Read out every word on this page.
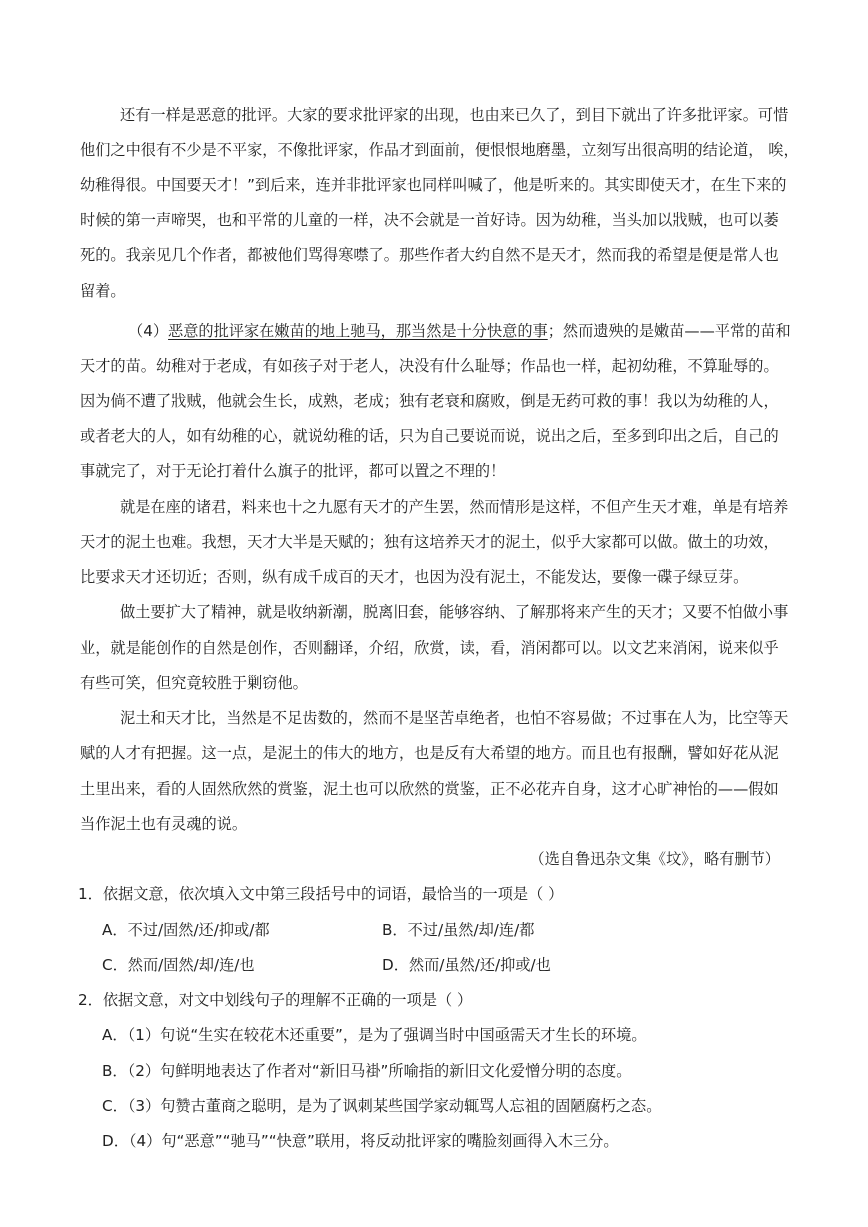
还有一样是恶意的批评。大家的要求批评家的出现，也由来已久了，到目下就出了许多批评家。可惜
他们之中很有不少是不平家，不像批评家，作品才到面前，便恨恨地磨墨，立刻写出很高明的结论道， 唉，
幼稚得很。中国要天才！”到后来，连并非批评家也同样叫喊了，他是听来的。其实即使天才，在生下来的
时候的第一声啼哭，也和平常的儿童的一样，决不会就是一首好诗。因为幼稚，当头加以戕贼，也可以萎
死的。我亲见几个作者，都被他们骂得寒噤了。那些作者大约自然不是天才，然而我的希望是便是常人也
留着。
（4）恶意的批评家在嫩苗的地上驰马，那当然是十分快意的事；然而遗殃的是嫩苗——平常的苗和
天才的苗。幼稚对于老成，有如孩子对于老人，决没有什么耻辱；作品也一样，起初幼稚，不算耻辱的。
因为倘不遭了戕贼，他就会生长，成熟，老成；独有老衰和腐败，倒是无药可救的事！我以为幼稚的人，
或者老大的人，如有幼稚的心，就说幼稚的话，只为自己要说而说，说出之后，至多到印出之后，自己的
事就完了，对于无论打着什么旗子的批评，都可以置之不理的！
就是在座的诸君，料来也十之九愿有天才的产生罢，然而情形是这样，不但产生天才难，单是有培养
天才的泥土也难。我想，天才大半是天赋的；独有这培养天才的泥土，似乎大家都可以做。做土的功效，
比要求天才还切近；否则，纵有成千成百的天才，也因为没有泥土，不能发达，要像一碟子绿豆芽。
做土要扩大了精神，就是收纳新潮，脱离旧套，能够容纳、了解那将来产生的天才；又要不怕做小事
业，就是能创作的自然是创作，否则翻译，介绍，欣赏，读，看，消闲都可以。以文艺来消闲，说来似乎
有些可笑，但究竟较胜于剿窃他。
泥土和天才比，当然是不足齿数的，然而不是坚苦卓绝者，也怕不容易做；不过事在人为，比空等天
赋的人才有把握。这一点，是泥土的伟大的地方，也是反有大希望的地方。而且也有报酬，譬如好花从泥
土里出来，看的人固然欣然的赏鉴，泥土也可以欣然的赏鉴，正不必花卉自身，这才心旷神怡的——假如
当作泥土也有灵魂的说。
（选自鲁迅杂文集《坟》，略有删节）
1．依据文意，依次填入文中第三段括号中的词语，最恰当的一项是（ ）
A．不过/固然/还/抑或/都	B．不过/虽然/却/连/都
C．然而/固然/却/连/也	D．然而/虽然/还/抑或/也
2．依据文意，对文中划线句子的理解不正确的一项是（ ）
A．（1）句说“生实在较花木还重要”，是为了强调当时中国亟需天才生长的环境。
B．（2）句鲜明地表达了作者对“新旧马褂”所喻指的新旧文化爱憎分明的态度。
C．（3）句赞古董商之聪明，是为了讽刺某些国学家动辄骂人忘祖的固陋腐朽之态。
D．（4）句“恶意”“驰马”“快意”联用，将反动批评家的嘴脸刻画得入木三分。
